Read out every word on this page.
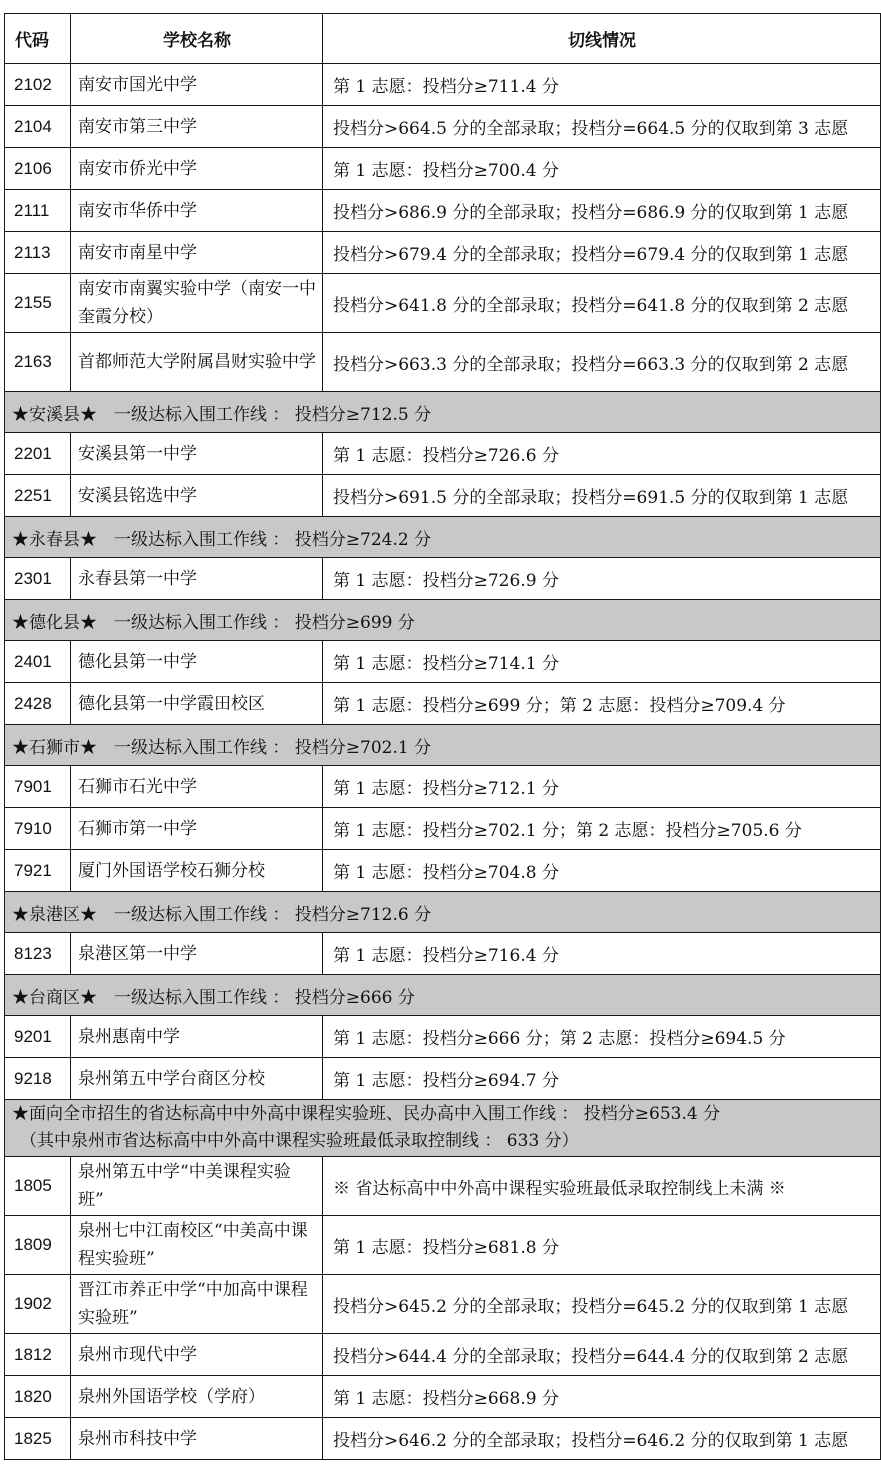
代码	学校名称	切线情况
2102	南安市国光中学	第 1 志愿：投档分≥711.4 分
2104	南安市第三中学	投档分>664.5 分的全部录取；投档分=664.5 分的仅取到第 3 志愿
2106	南安市侨光中学	第 1 志愿：投档分≥700.4 分
2111	南安市华侨中学	投档分>686.9 分的全部录取；投档分=686.9 分的仅取到第 1 志愿
2113	南安市南星中学	投档分>679.4 分的全部录取；投档分=679.4 分的仅取到第 1 志愿
2155	南安市南翼实验中学（南安一中奎霞分校）	投档分>641.8 分的全部录取；投档分=641.8 分的仅取到第 2 志愿
2163	首都师范大学附属昌财实验中学	投档分>663.3 分的全部录取；投档分=663.3 分的仅取到第 2 志愿
★安溪县★　一级达标入围工作线 ： 投档分≥712.5 分		
2201	安溪县第一中学	第 1 志愿：投档分≥726.6 分
2251	安溪县铭选中学	投档分>691.5 分的全部录取；投档分=691.5 分的仅取到第 1 志愿
★永春县★　一级达标入围工作线 ： 投档分≥724.2 分		
2301	永春县第一中学	第 1 志愿：投档分≥726.9 分
★德化县★　一级达标入围工作线 ： 投档分≥699 分		
2401	德化县第一中学	第 1 志愿：投档分≥714.1 分
2428	德化县第一中学霞田校区	第 1 志愿：投档分≥699 分；第 2 志愿：投档分≥709.4 分
★石狮市★　一级达标入围工作线 ： 投档分≥702.1 分		
7901	石狮市石光中学	第 1 志愿：投档分≥712.1 分
7910	石狮市第一中学	第 1 志愿：投档分≥702.1 分；第 2 志愿：投档分≥705.6 分
7921	厦门外国语学校石狮分校	第 1 志愿：投档分≥704.8 分
★泉港区★　一级达标入围工作线 ： 投档分≥712.6 分		
8123	泉港区第一中学	第 1 志愿：投档分≥716.4 分
★台商区★　一级达标入围工作线 ： 投档分≥666 分		
9201	泉州惠南中学	第 1 志愿：投档分≥666 分；第 2 志愿：投档分≥694.5 分
9218	泉州第五中学台商区分校	第 1 志愿：投档分≥694.7 分

★面向全市招生的省达标高中中外高中课程实验班、民办高中入围工作线 ： 投档分≥653.4 分
（其中泉州市省达标高中中外高中课程实验班最低录取控制线 ： 633 分）		

1805	泉州第五中学“中美课程实验班”	※ 省达标高中中外高中课程实验班最低录取控制线上未满 ※
1809	泉州七中江南校区“中美高中课程实验班”	第 1 志愿：投档分≥681.8 分
1902	晋江市养正中学“中加高中课程实验班”	投档分>645.2 分的全部录取；投档分=645.2 分的仅取到第 1 志愿
1812	泉州市现代中学	投档分>644.4 分的全部录取；投档分=644.4 分的仅取到第 2 志愿
1820	泉州外国语学校（学府）	第 1 志愿：投档分≥668.9 分
1825	泉州市科技中学	投档分>646.2 分的全部录取；投档分=646.2 分的仅取到第 1 志愿
